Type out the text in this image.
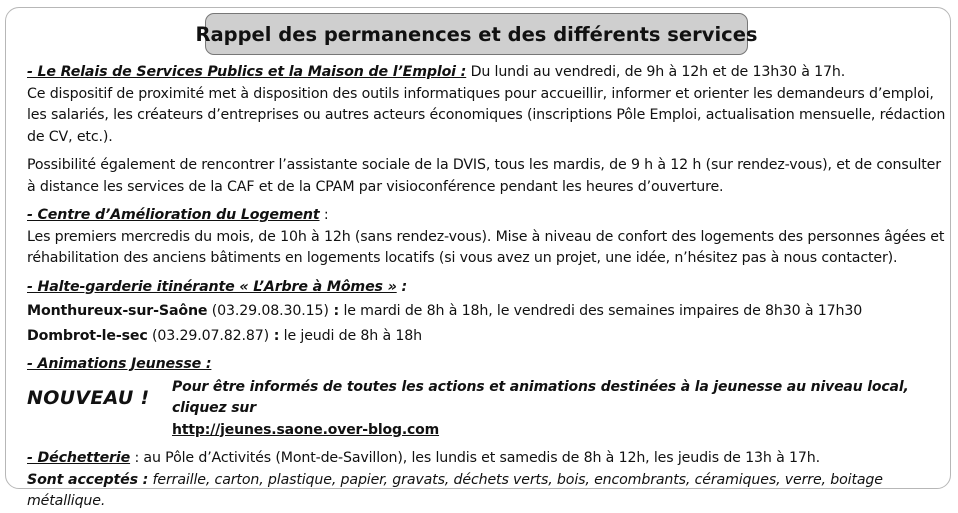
Rappel des permanences et des différents services

- Le Relais de Services Publics et la Maison de l’Emploi : Du lundi au vendredi, de 9h à 12h et de 13h30 à 17h.

Ce dispositif de proximité met à disposition des outils informatiques pour accueillir, informer et orienter les demandeurs d’emploi, les salariés, les créateurs d’entreprises ou autres acteurs économiques (inscriptions Pôle Emploi, actualisation mensuelle, rédaction de CV, etc.).

Possibilité également de rencontrer l’assistante sociale de la DVIS, tous les mardis, de 9 h à 12 h (sur rendez-vous), et de consulter à distance les services de la CAF et de la CPAM par visioconférence pendant les heures d’ouverture.

- Centre d’Amélioration du Logement :

Les premiers mercredis du mois, de 10h à 12h (sans rendez-vous). Mise à niveau de confort des logements des personnes âgées et réhabilitation des anciens bâtiments en logements locatifs (si vous avez un projet, une idée, n’hésitez pas à nous contacter).

- Halte-garderie itinérante « L’Arbre à Mômes » :

Monthureux-sur-Saône (03.29.08.30.15) : le mardi de 8h à 18h, le vendredi des semaines impaires de 8h30 à 17h30

Dombrot-le-sec (03.29.07.82.87) : le jeudi de 8h à 18h

- Animations Jeunesse :

NOUVEAU !	Pour être informés de toutes les actions et animations destinées à la jeunesse au niveau local, cliquez sur
http://jeunes.saone.over-blog.com

- Déchetterie : au Pôle d’Activités (Mont-de-Savillon), les lundis et samedis de 8h à 12h, les jeudis de 13h à 17h.

Sont acceptés : ferraille, carton, plastique, papier, gravats, déchets verts, bois, encombrants, céramiques, verre, boitage métallique.
